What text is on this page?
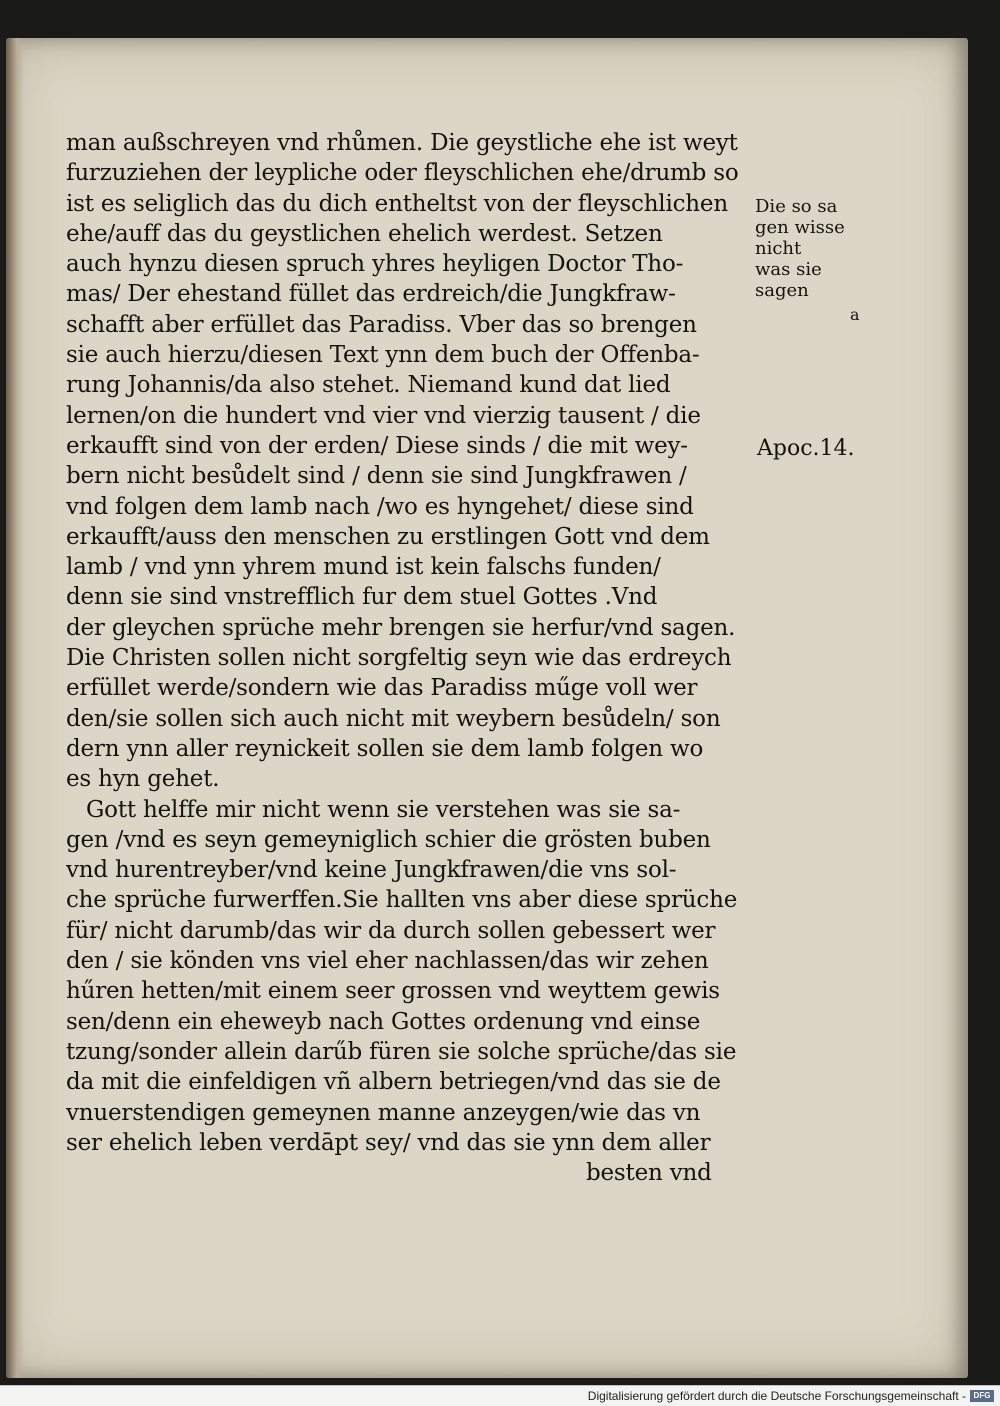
man außschreyen vnd rhůmen. Die geystliche ehe ist weyt
furzuziehen der leypliche oder fleyschlichen ehe/drumb so
ist es seliglich das du dich entheltst von der fleyschlichen
ehe/auff das du geystlichen ehelich werdest. Setzen
auch hynzu diesen spruch yhres heyligen Doctor Tho-
mas/ Der ehestand füllet das erdreich/die Jungkfraw-
schafft aber erfüllet das Paradiss. Vber das so brengen
sie auch hierzu/diesen Text ynn dem buch der Offenba-
rung Johannis/da also stehet. Niemand kund dat lied
lernen/on die hundert vnd vier vnd vierzig tausent / die
erkaufft sind von der erden/ Diese sinds / die mit wey-
bern nicht besůdelt sind / denn sie sind Jungkfrawen /
vnd folgen dem lamb nach /wo es hyngehet/ diese sind
erkaufft/auss den menschen zu erstlingen Gott vnd dem
lamb / vnd ynn yhrem mund ist kein falschs funden/
denn sie sind vnstrefflich fur dem stuel Gottes .Vnd
der gleychen sprüche mehr brengen sie herfur/vnd sagen.
Die Christen sollen nicht sorgfeltig seyn wie das erdreych
erfüllet werde/sondern wie das Paradiss műge voll wer
den/sie sollen sich auch nicht mit weybern besůdeln/ son
dern ynn aller reynickeit sollen sie dem lamb folgen wo
es hyn gehet.
Gott helffe mir nicht wenn sie verstehen was sie sa-
gen /vnd es seyn gemeyniglich schier die grösten buben
vnd hurentreyber/vnd keine Jungkfrawen/die vns sol-
che sprüche furwerffen.Sie hallten vns aber diese sprüche
für/ nicht darumb/das wir da durch sollen gebessert wer
den / sie könden vns viel eher nachlassen/das wir zehen
hűren hetten/mit einem seer grossen vnd weyttem gewis
sen/denn ein eheweyb nach Gottes ordenung vnd einse
tzung/sonder allein darűb füren sie solche sprüche/das sie
da mit die einfeldigen vñ albern betriegen/vnd das sie de
vnuerstendigen gemeynen manne anzeygen/wie das vn
ser ehelich leben verdāpt sey/ vnd das sie ynn dem aller
besten vnd
Die so sa
gen wisse
nicht
was sie
sagen
a
Apoc.14.
Digitalisierung gefördert durch die Deutsche Forschungsgemeinschaft - DFG
